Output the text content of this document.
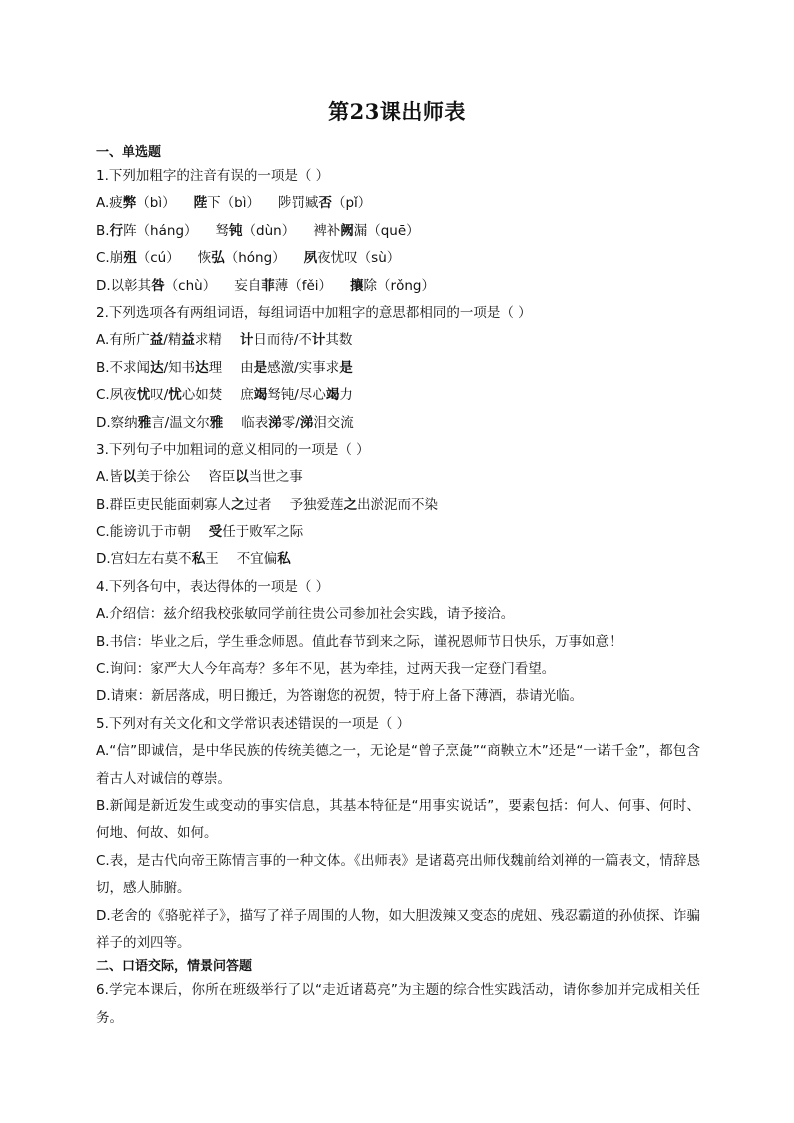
第23课出师表
一、单选题
1.下列加粗字的注音有误的一项是（ ）
A.疲弊（bì） 陛下（bì） 陟罚臧否（pǐ）
B.行阵（háng） 驽钝（dùn） 裨补阙漏（quē）
C.崩殂（cú） 恢弘（hóng） 夙夜忧叹（sù）
D.以彰其咎（chù） 妄自菲薄（fěi） 攘除（rǒng）
2.下列选项各有两组词语，每组词语中加粗字的意思都相同的一项是（ ）
A.有所广益/精益求精 计日而待/不计其数
B.不求闻达/知书达理 由是感激/实事求是
C.夙夜忧叹/忧心如焚 庶竭驽钝/尽心竭力
D.察纳雅言/温文尔雅 临表涕零/涕泪交流
3.下列句子中加粗词的意义相同的一项是（ ）
A.皆以美于徐公 咨臣以当世之事
B.群臣吏民能面刺寡人之过者 予独爱莲之出淤泥而不染
C.能谤讥于市朝 受任于败军之际
D.宫妇左右莫不私王 不宜偏私
4.下列各句中，表达得体的一项是（ ）
A.介绍信：兹介绍我校张敏同学前往贵公司参加社会实践，请予接洽。
B.书信：毕业之后，学生垂念师恩。值此春节到来之际，谨祝恩师节日快乐，万事如意！
C.询问：家严大人今年高寿？多年不见，甚为牵挂，过两天我一定登门看望。
D.请柬：新居落成，明日搬迁，为答谢您的祝贺，特于府上备下薄酒，恭请光临。
5.下列对有关文化和文学常识表述错误的一项是（ ）

A.“信”即诚信，是中华民族的传统美德之一，无论是“曾子烹彘”“商鞅立木”还是“一诺千金”，都包含着古人对诚信的尊崇。

B.新闻是新近发生或变动的事实信息，其基本特征是“用事实说话”，要素包括：何人、何事、何时、何地、何故、如何。

C.表，是古代向帝王陈情言事的一种文体。《出师表》是诸葛亮出师伐魏前给刘禅的一篇表文，情辞恳切，感人肺腑。

D.老舍的《骆驼祥子》，描写了祥子周围的人物，如大胆泼辣又变态的虎妞、残忍霸道的孙侦探、诈骗祥子的刘四等。

二、口语交际，情景问答题

6.学完本课后，你所在班级举行了以“走近诸葛亮”为主题的综合性实践活动，请你参加并完成相关任务。
